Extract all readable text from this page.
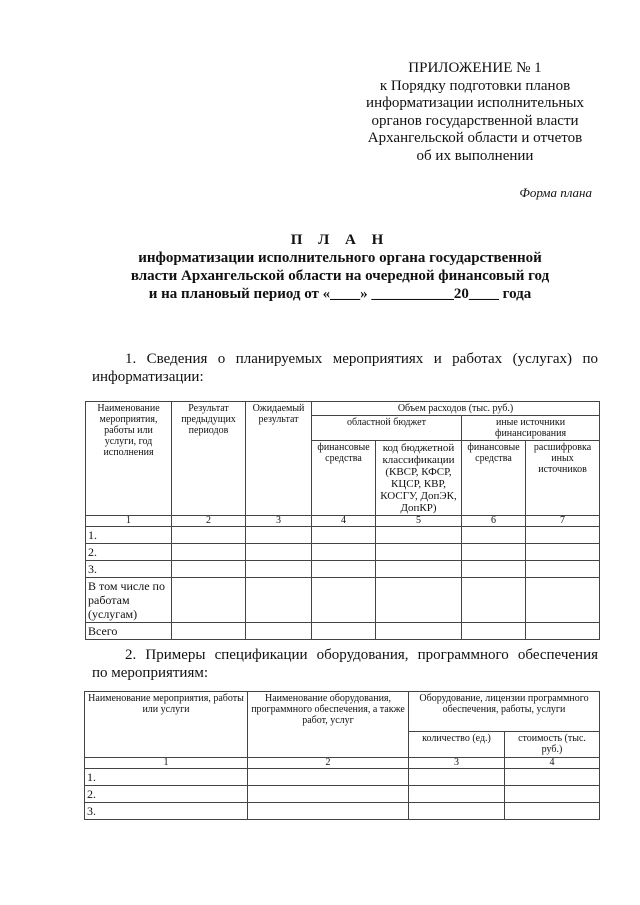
ПРИЛОЖЕНИЕ № 1
к Порядку подготовки планов
информатизации исполнительных
органов государственной власти
Архангельской области и отчетов
об их выполнении
Форма плана
П Л А Н
информатизации исполнительного органа государственной
власти Архангельской области на очередной финансовый год
и на плановый период от «____» ___________20____ года
1. Сведения о планируемых мероприятиях и работах (услугах) по
информатизации:
Наименование мероприятия, работы или услуги, год исполнения	Результат предыдущих периодов	Ожидаемый результат	Объем расходов (тыс. руб.)			
			областной бюджет		иные источники финансирования	
			финансовые средства	код бюджетной классификации (КВСР, КФСР, КЦСР, КВР, КОСГУ, ДопЭК, ДопКР)	финансовые средства	расшифровка иных источников
1	2	3	4	5	6	7
1.						
2.						
3.						
В том числе по работам (услугам)						
Всего						
2. Примеры спецификации оборудования, программного обеспечения
по мероприятиям:
Наименование мероприятия, работы или услуги	Наименование оборудования, программного обеспечения, а также работ, услуг	Оборудование, лицензии программного обеспечения, работы, услуги	
		количество (ед.)	стоимость (тыс. руб.)
1	2	3	4
1.			
2.			
3.			
